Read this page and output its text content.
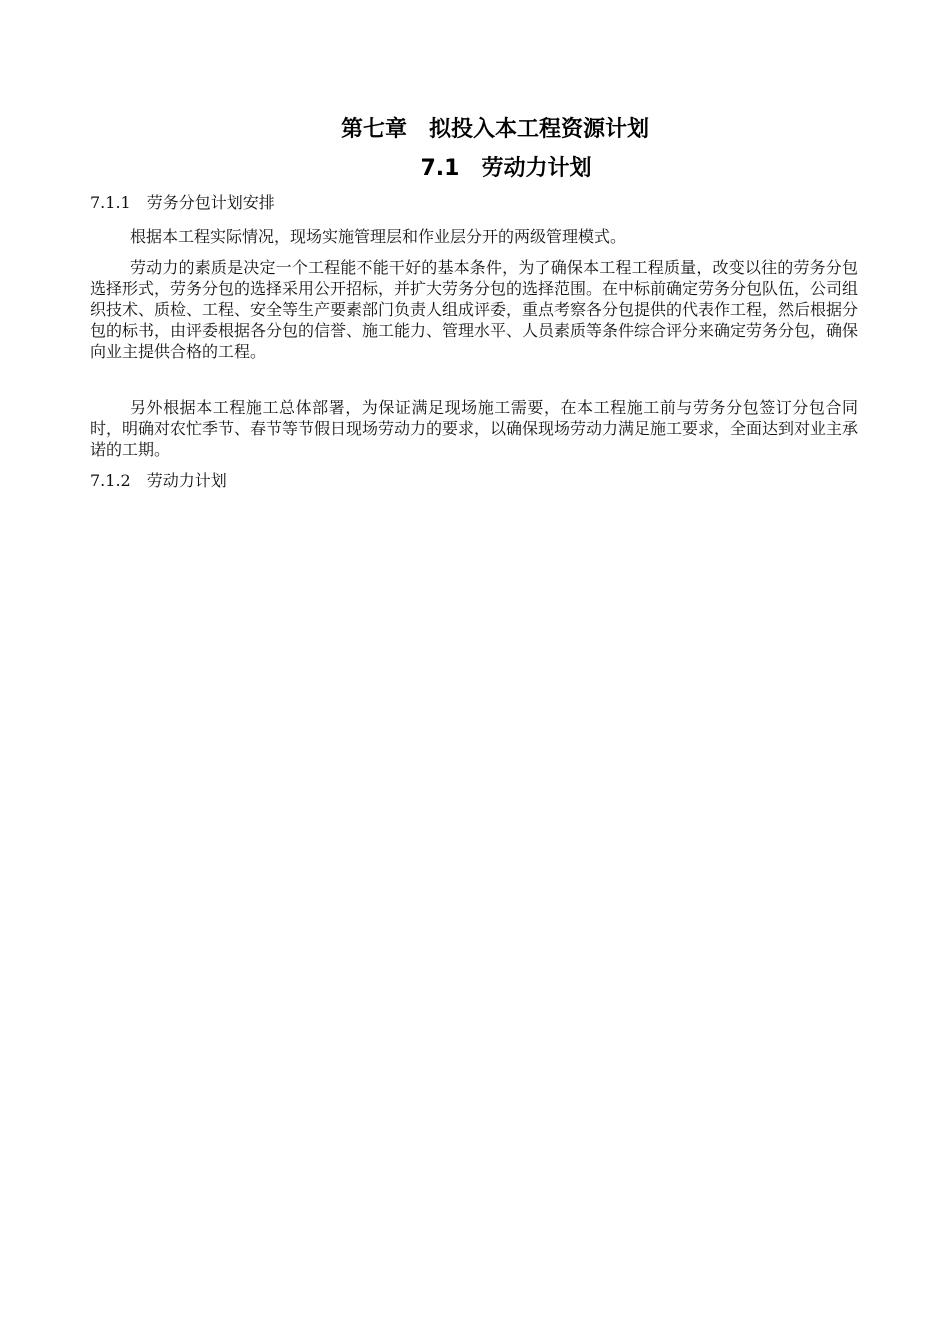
第七章　拟投入本工程资源计划
7.1　劳动力计划
7.1.1　劳务分包计划安排

根据本工程实际情况，现场实施管理层和作业层分开的两级管理模式。

劳动力的素质是决定一个工程能不能干好的基本条件，为了确保本工程工程质量，改变以往的劳务分包选择形式，劳务分包的选择采用公开招标，并扩大劳务分包的选择范围。在中标前确定劳务分包队伍，公司组织技术、质检、工程、安全等生产要素部门负责人组成评委，重点考察各分包提供的代表作工程，然后根据分包的标书，由评委根据各分包的信誉、施工能力、管理水平、人员素质等条件综合评分来确定劳务分包，确保向业主提供合格的工程。

另外根据本工程施工总体部署，为保证满足现场施工需要，在本工程施工前与劳务分包签订分包合同时，明确对农忙季节、春节等节假日现场劳动力的要求，以确保现场劳动力满足施工要求，全面达到对业主承诺的工期。

7.1.2　劳动力计划
